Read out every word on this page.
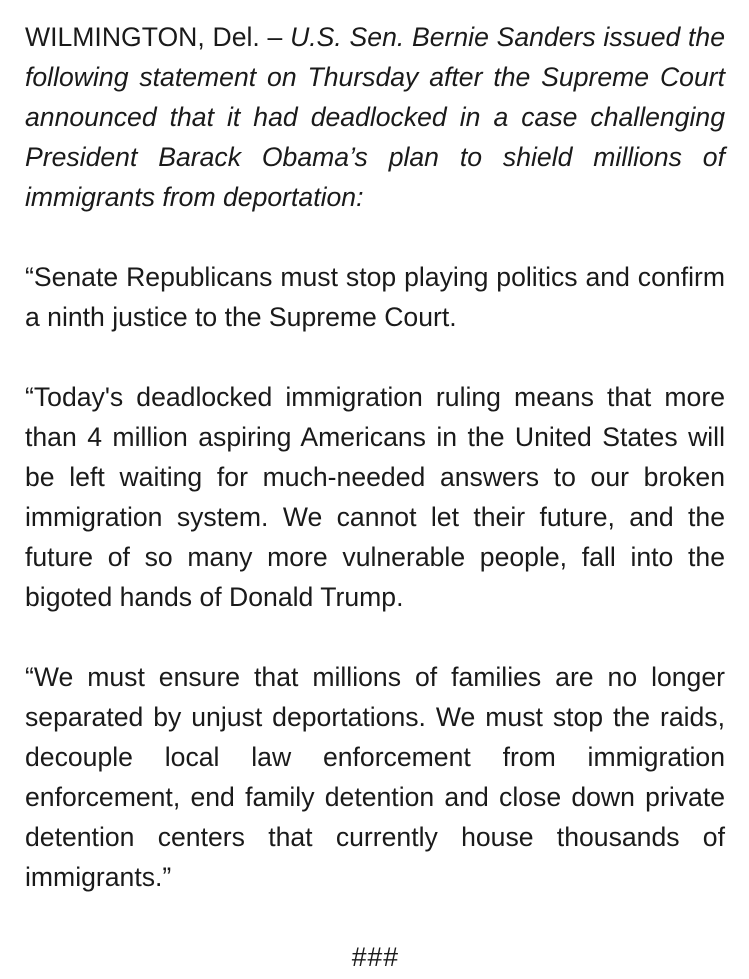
WILMINGTON, Del. – U.S. Sen. Bernie Sanders issued the following statement on Thursday after the Supreme Court announced that it had deadlocked in a case challenging President Barack Obama’s plan to shield millions of immigrants from deportation:

“Senate Republicans must stop playing politics and confirm a ninth justice to the Supreme Court.

“Today's deadlocked immigration ruling means that more than 4 million aspiring Americans in the United States will be left waiting for much-needed answers to our broken immigration system. We cannot let their future, and the future of so many more vulnerable people, fall into the bigoted hands of Donald Trump.

“We must ensure that millions of families are no longer separated by unjust deportations. We must stop the raids, decouple local law enforcement from immigration enforcement, end family detention and close down private detention centers that currently house thousands of immigrants.”

###
